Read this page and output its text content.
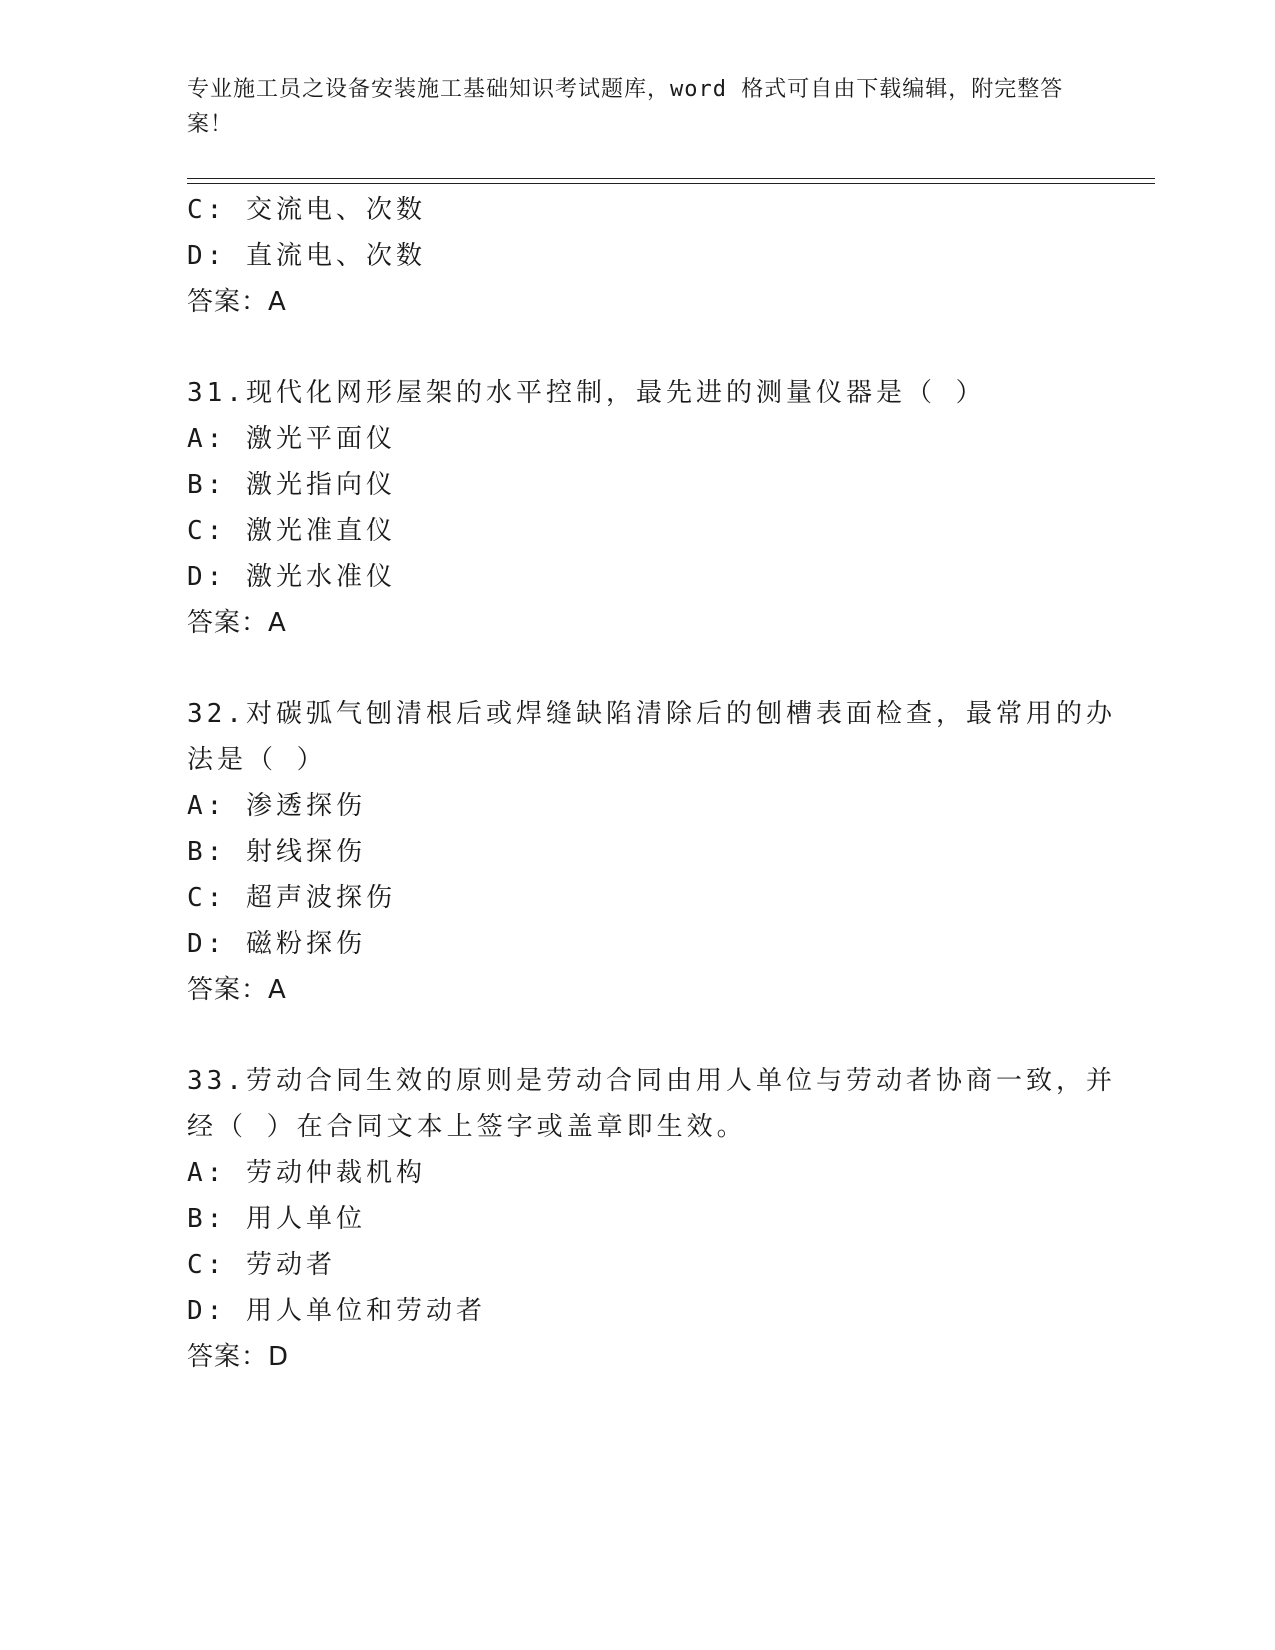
专业施工员之设备安装施工基础知识考试题库，word 格式可自由下载编辑，附完整答案！
C: 交流电、次数
D: 直流电、次数
答案：A
31.现代化网形屋架的水平控制，最先进的测量仪器是（ ）
A: 激光平面仪
B: 激光指向仪
C: 激光准直仪
D: 激光水准仪
答案：A
32.对碳弧气刨清根后或焊缝缺陷清除后的刨槽表面检查，最常用的办
法是（ ）
A: 渗透探伤
B: 射线探伤
C: 超声波探伤
D: 磁粉探伤
答案：A
33.劳动合同生效的原则是劳动合同由用人单位与劳动者协商一致，并
经（ ）在合同文本上签字或盖章即生效。
A: 劳动仲裁机构
B: 用人单位
C: 劳动者
D: 用人单位和劳动者
答案：D
